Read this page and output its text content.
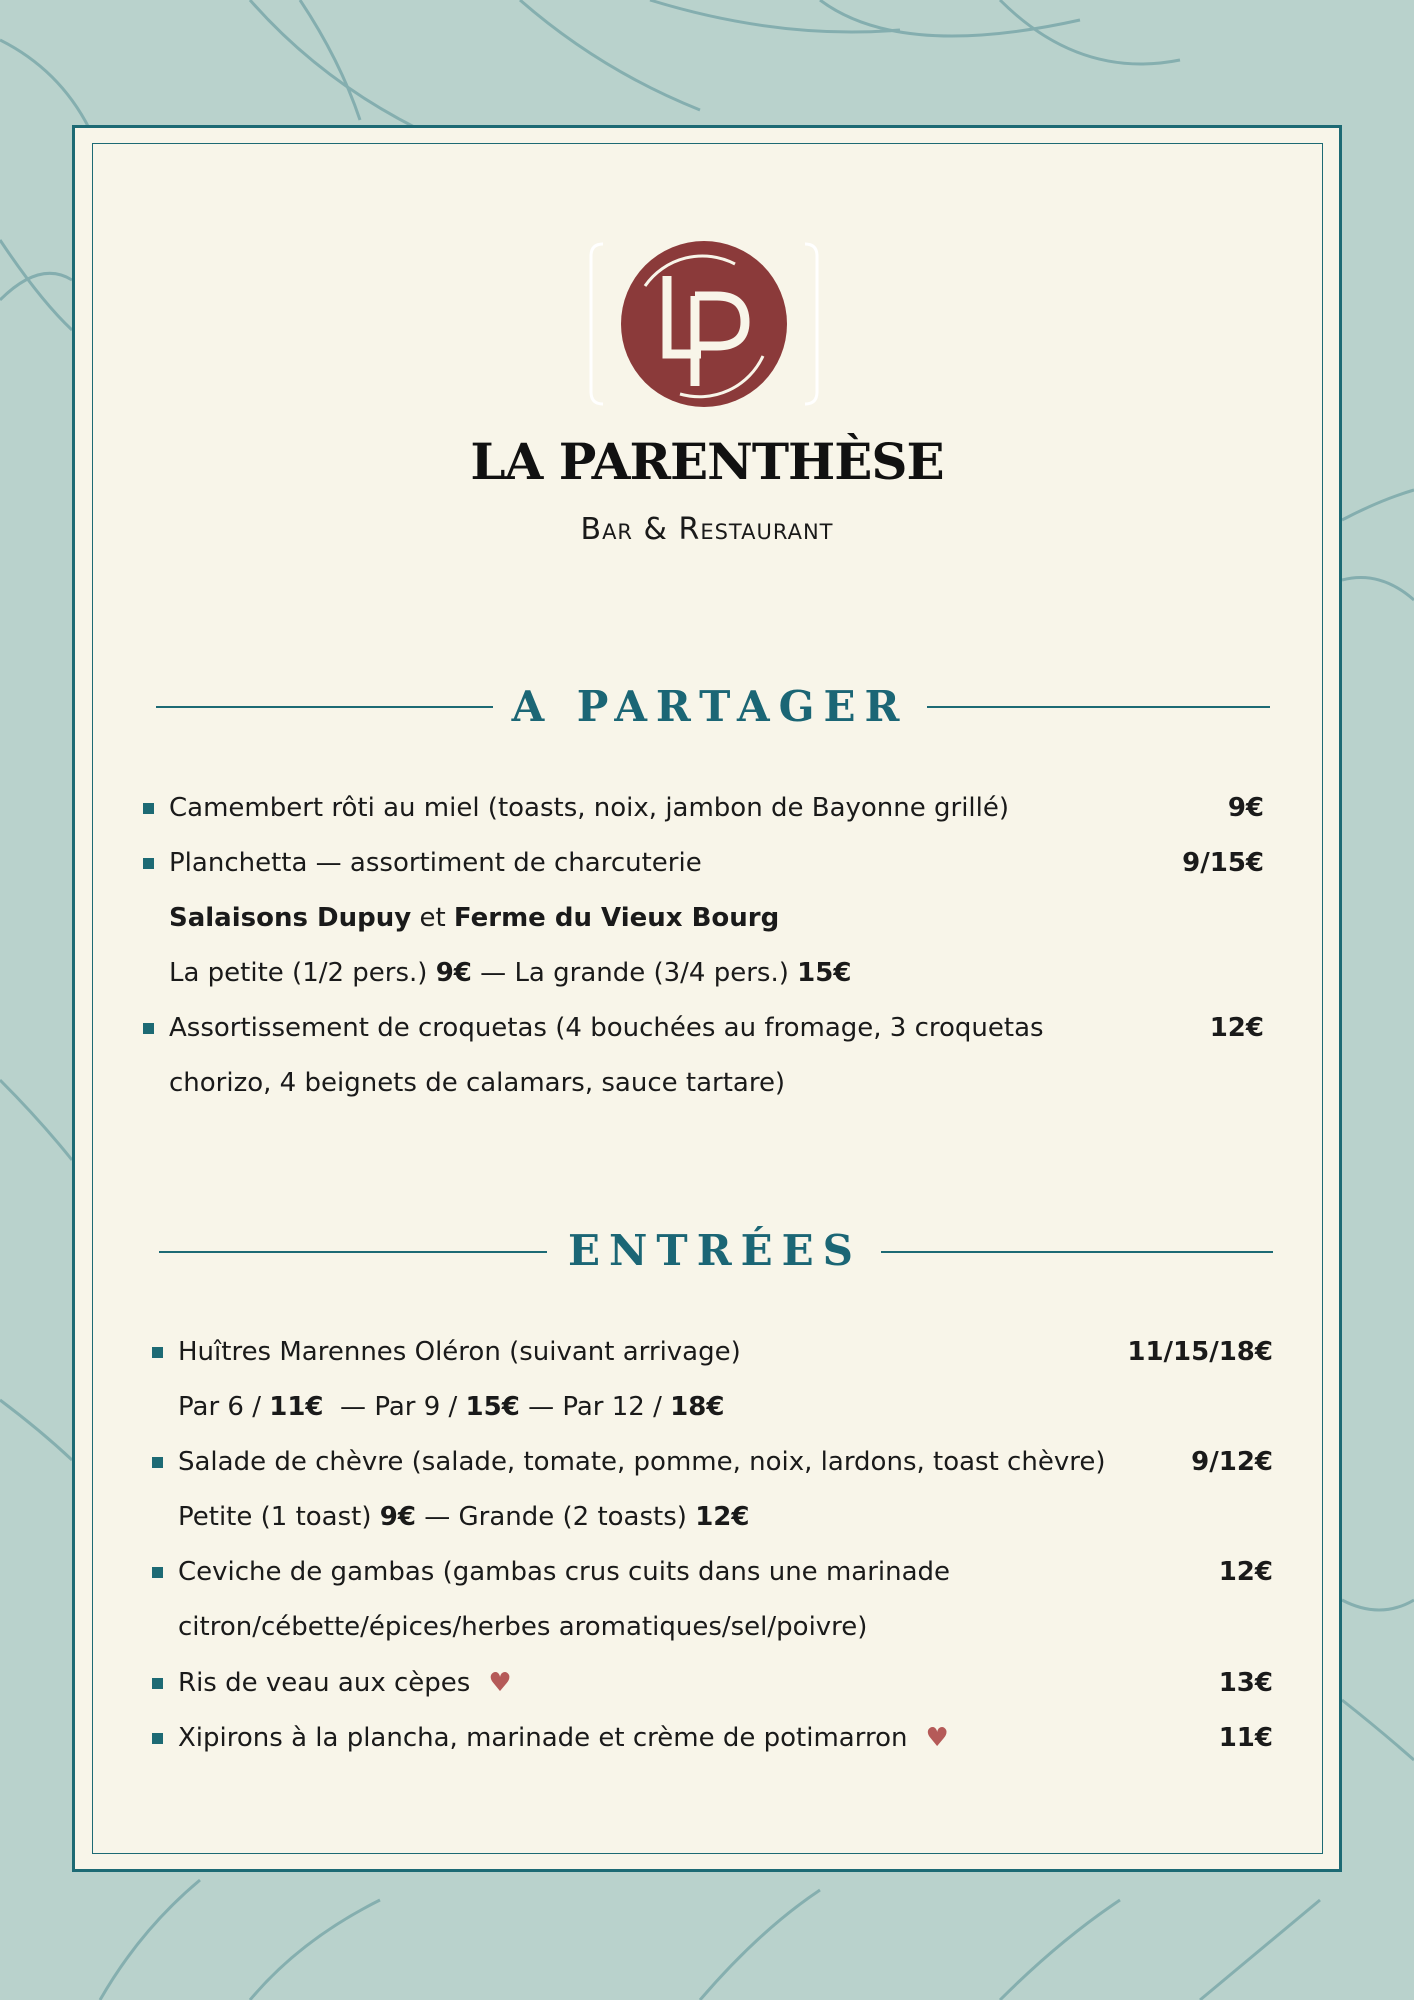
LA PARENTHÈSE
Bar & Restaurant
A PARTAGER
Camembert rôti au miel (toasts, noix, jambon de Bayonne grillé)	9€
Planchetta — assortiment de charcuterie	9/15€
Salaisons Dupuy et Ferme du Vieux Bourg
La petite (1/2 pers.) 9€ — La grande (3/4 pers.) 15€
Assortissement de croquetas (4 bouchées au fromage, 3 croquetas	12€
chorizo, 4 beignets de calamars, sauce tartare)
ENTRÉES
Huîtres Marennes Oléron (suivant arrivage)	11/15/18€
Par 6 / 11€ — Par 9 / 15€ — Par 12 / 18€
Salade de chèvre (salade, tomate, pomme, noix, lardons, toast chèvre)	9/12€
Petite (1 toast) 9€ — Grande (2 toasts) 12€
Ceviche de gambas (gambas crus cuits dans une marinade	12€
citron/cébette/épices/herbes aromatiques/sel/poivre)
Ris de veau aux cèpes ♥	13€
Xipirons à la plancha, marinade et crème de potimarron ♥	11€
